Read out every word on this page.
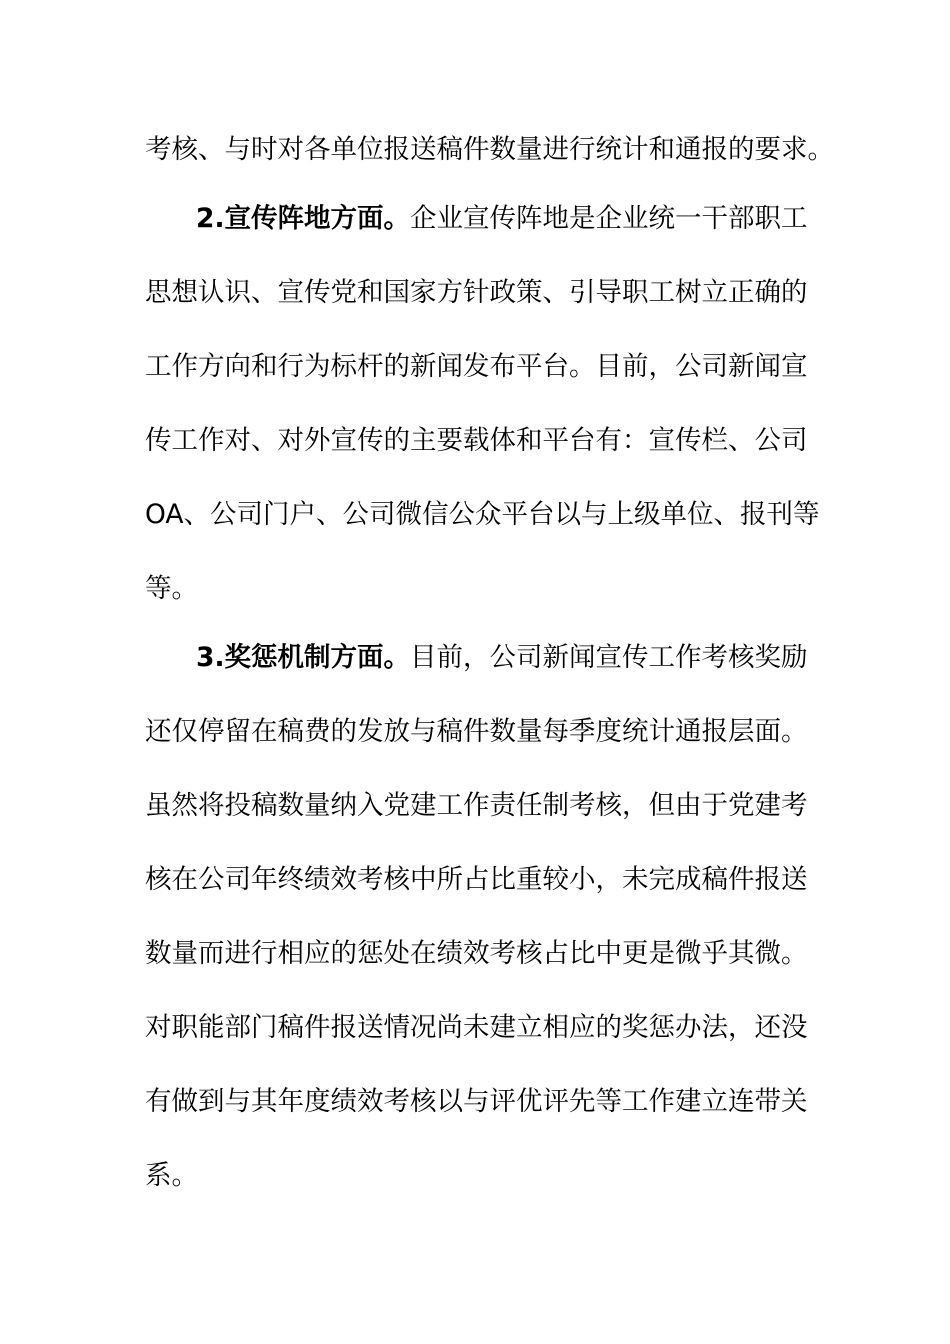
考核、与时对各单位报送稿件数量进行统计和通报的要求。
2.宣传阵地方面。企业宣传阵地是企业统一干部职工
思想认识、宣传党和国家方针政策、引导职工树立正确的
工作方向和行为标杆的新闻发布平台。目前，公司新闻宣
传工作对、对外宣传的主要载体和平台有：宣传栏、公司
OA、公司门户、公司微信公众平台以与上级单位、报刊等
等。
3.奖惩机制方面。目前，公司新闻宣传工作考核奖励
还仅停留在稿费的发放与稿件数量每季度统计通报层面。
虽然将投稿数量纳入党建工作责任制考核，但由于党建考
核在公司年终绩效考核中所占比重较小，未完成稿件报送
数量而进行相应的惩处在绩效考核占比中更是微乎其微。
对职能部门稿件报送情况尚未建立相应的奖惩办法，还没
有做到与其年度绩效考核以与评优评先等工作建立连带关
系。
